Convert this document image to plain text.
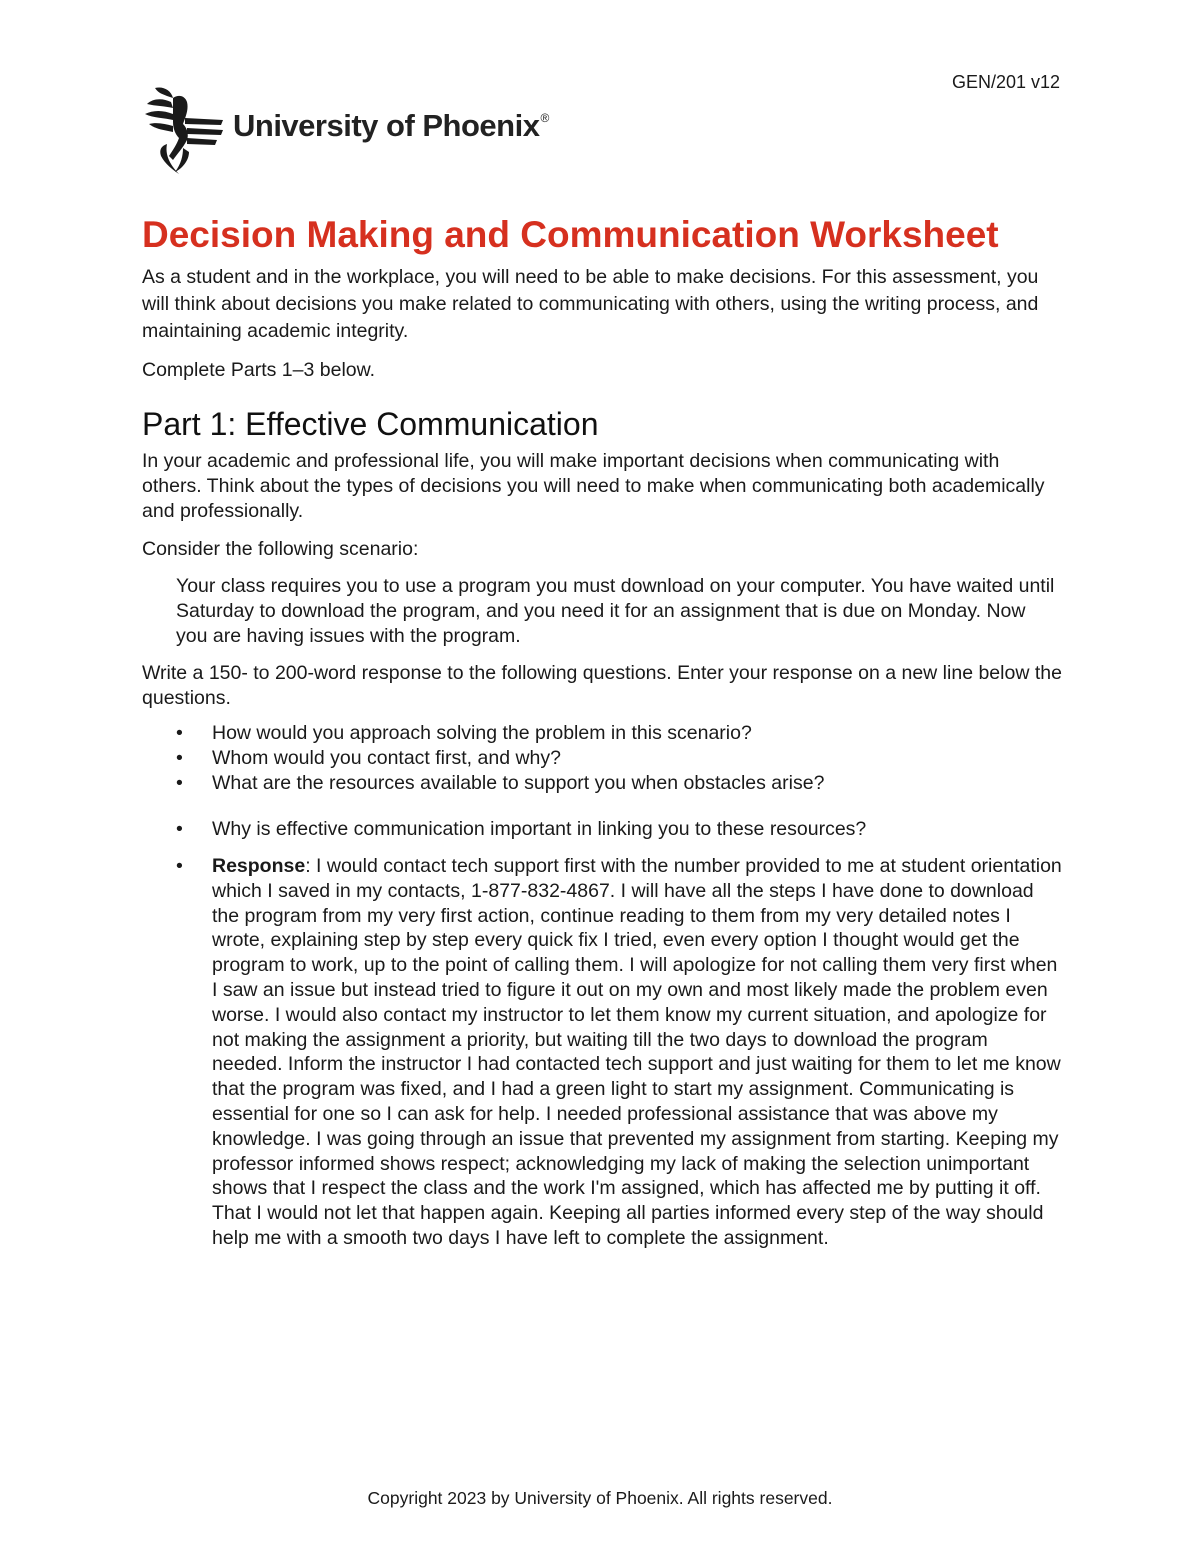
GEN/201 v12
University of Phoenix®
Decision Making and Communication Worksheet

As a student and in the workplace, you will need to be able to make decisions. For this assessment, you will think about decisions you make related to communicating with others, using the writing process, and maintaining academic integrity.

Complete Parts 1–3 below.

Part 1: Effective Communication

In your academic and professional life, you will make important decisions when communicating with others. Think about the types of decisions you will need to make when communicating both academically and professionally.

Consider the following scenario:

Your class requires you to use a program you must download on your computer. You have waited until Saturday to download the program, and you need it for an assignment that is due on Monday. Now you are having issues with the program.

Write a 150- to 200-word response to the following questions. Enter your response on a new line below the questions.

• How would you approach solving the problem in this scenario?
• Whom would you contact first, and why?
• What are the resources available to support you when obstacles arise?
• Why is effective communication important in linking you to these resources?
• Response: I would contact tech support first with the number provided to me at student orientation which I saved in my contacts, 1-877-832-4867. I will have all the steps I have done to download the program from my very first action, continue reading to them from my very detailed notes I wrote, explaining step by step every quick fix I tried, even every option I thought would get the program to work, up to the point of calling them. I will apologize for not calling them very first when I saw an issue but instead tried to figure it out on my own and most likely made the problem even worse. I would also contact my instructor to let them know my current situation, and apologize for not making the assignment a priority, but waiting till the two days to download the program needed. Inform the instructor I had contacted tech support and just waiting for them to let me know that the program was fixed, and I had a green light to start my assignment. Communicating is essential for one so I can ask for help. I needed professional assistance that was above my knowledge. I was going through an issue that prevented my assignment from starting. Keeping my professor informed shows respect; acknowledging my lack of making the selection unimportant shows that I respect the class and the work I'm assigned, which has affected me by putting it off. That I would not let that happen again. Keeping all parties informed every step of the way should help me with a smooth two days I have left to complete the assignment.
Copyright 2023 by University of Phoenix. All rights reserved.
